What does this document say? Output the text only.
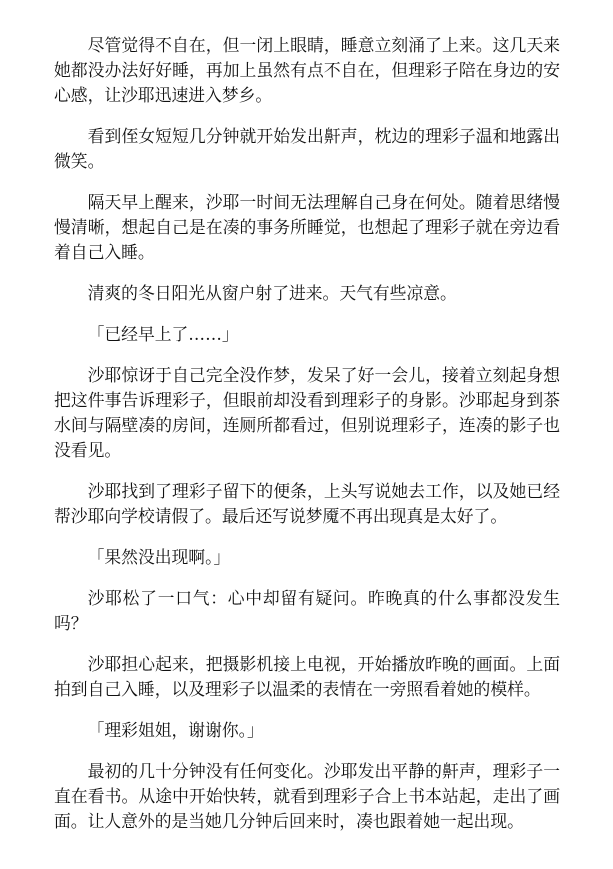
尽管觉得不自在，但一闭上眼睛，睡意立刻涌了上来。这几天来她都没办法好好睡，再加上虽然有点不自在，但理彩子陪在身边的安心感，让沙耶迅速进入梦乡。

看到侄女短短几分钟就开始发出鼾声，枕边的理彩子温和地露出微笑。

隔天早上醒来，沙耶一时间无法理解自己身在何处。随着思绪慢慢清晰，想起自己是在凑的事务所睡觉，也想起了理彩子就在旁边看着自己入睡。

清爽的冬日阳光从窗户射了进来。天气有些凉意。

「已经早上了……」

沙耶惊讶于自己完全没作梦，发呆了好一会儿，接着立刻起身想把这件事告诉理彩子，但眼前却没看到理彩子的身影。沙耶起身到茶水间与隔壁凑的房间，连厕所都看过，但别说理彩子，连凑的影子也没看见。

沙耶找到了理彩子留下的便条，上头写说她去工作，以及她已经帮沙耶向学校请假了。最后还写说梦魇不再出现真是太好了。

「果然没出现啊。」

沙耶松了一口气：心中却留有疑问。昨晚真的什么事都没发生吗？

沙耶担心起来，把摄影机接上电视，开始播放昨晚的画面。上面拍到自己入睡，以及理彩子以温柔的表情在一旁照看着她的模样。

「理彩姐姐，谢谢你。」

最初的几十分钟没有任何变化。沙耶发出平静的鼾声，理彩子一直在看书。从途中开始快转，就看到理彩子合上书本站起，走出了画面。让人意外的是当她几分钟后回来时，凑也跟着她一起出现。
